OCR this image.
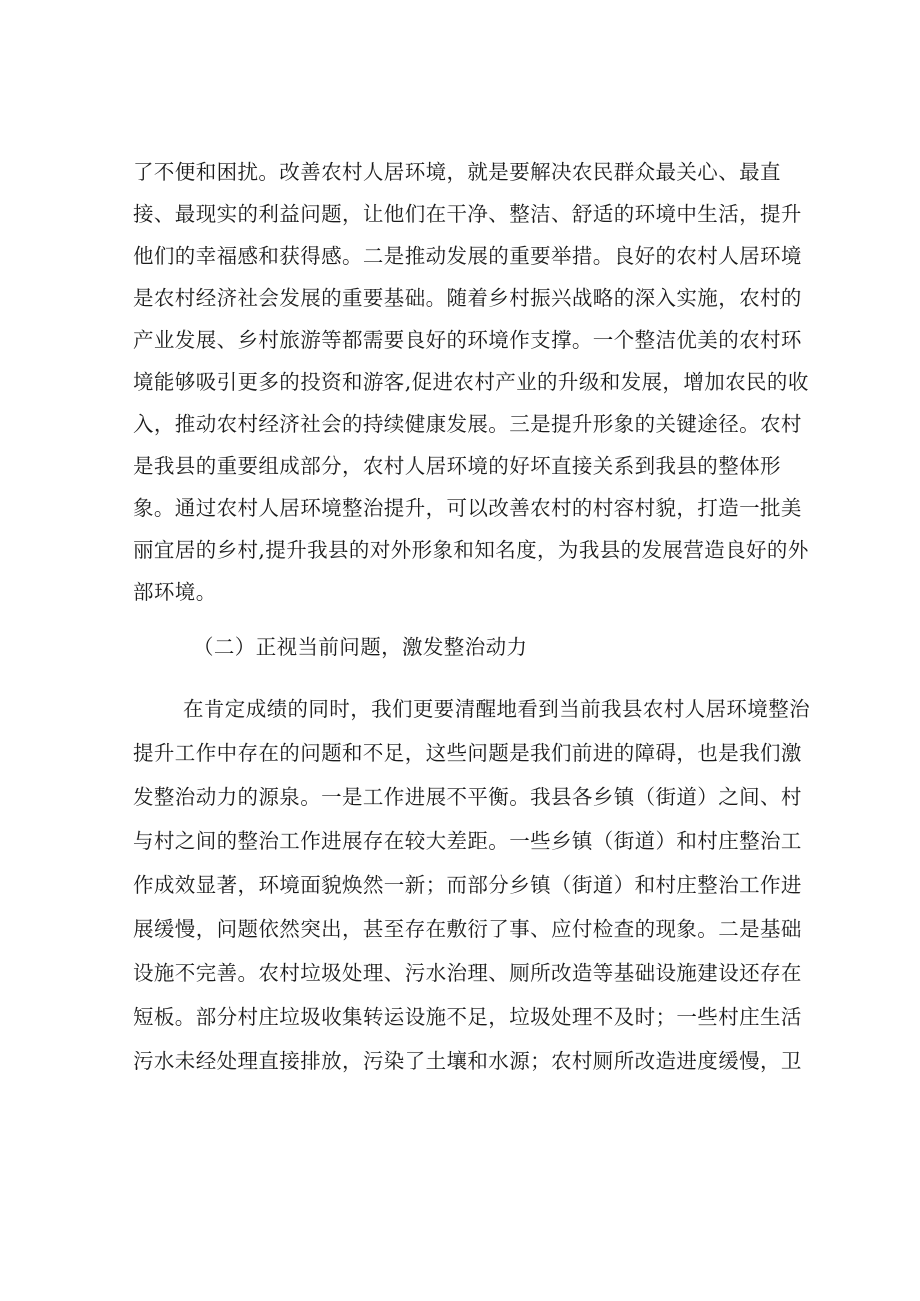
了不便和困扰。改善农村人居环境，就是要解决农民群众最关心、最直
接、最现实的利益问题，让他们在干净、整洁、舒适的环境中生活，提升
他们的幸福感和获得感。二是推动发展的重要举措。良好的农村人居环境
是农村经济社会发展的重要基础。随着乡村振兴战略的深入实施，农村的
产业发展、乡村旅游等都需要良好的环境作支撑。一个整洁优美的农村环
境能够吸引更多的投资和游客,促进农村产业的升级和发展，增加农民的收
入，推动农村经济社会的持续健康发展。三是提升形象的关键途径。农村
是我县的重要组成部分，农村人居环境的好坏直接关系到我县的整体形
象。通过农村人居环境整治提升，可以改善农村的村容村貌，打造一批美
丽宜居的乡村,提升我县的对外形象和知名度，为我县的发展营造良好的外
部环境。
（二）正视当前问题，激发整治动力
在肯定成绩的同时，我们更要清醒地看到当前我县农村人居环境整治
提升工作中存在的问题和不足，这些问题是我们前进的障碍，也是我们激
发整治动力的源泉。一是工作进展不平衡。我县各乡镇（街道）之间、村
与村之间的整治工作进展存在较大差距。一些乡镇（街道）和村庄整治工
作成效显著，环境面貌焕然一新；而部分乡镇（街道）和村庄整治工作进
展缓慢，问题依然突出，甚至存在敷衍了事、应付检查的现象。二是基础
设施不完善。农村垃圾处理、污水治理、厕所改造等基础设施建设还存在
短板。部分村庄垃圾收集转运设施不足，垃圾处理不及时；一些村庄生活
污水未经处理直接排放，污染了土壤和水源；农村厕所改造进度缓慢，卫
